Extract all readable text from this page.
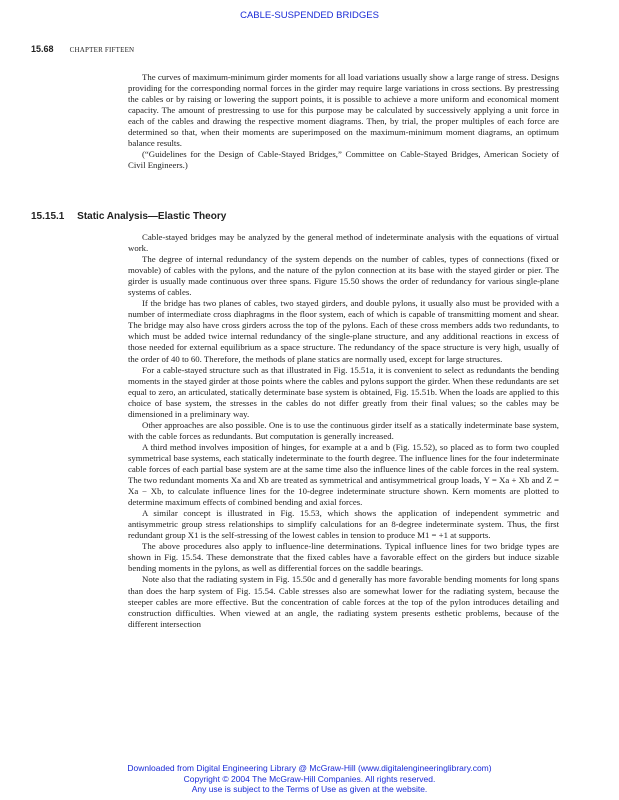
CABLE-SUSPENDED BRIDGES
15.68 CHAPTER FIFTEEN

The curves of maximum-minimum girder moments for all load variations usually show a large range of stress. Designs providing for the corresponding normal forces in the girder may require large variations in cross sections. By prestressing the cables or by raising or lowering the support points, it is possible to achieve a more uniform and economical moment capacity. The amount of prestressing to use for this purpose may be calculated by successively applying a unit force in each of the cables and drawing the respective moment diagrams. Then, by trial, the proper multiples of each force are determined so that, when their moments are superimposed on the maximum-minimum moment diagrams, an optimum balance results.

(“Guidelines for the Design of Cable-Stayed Bridges,” Committee on Cable-Stayed Bridges, American Society of Civil Engineers.)

15.15.1 Static Analysis—Elastic Theory

Cable-stayed bridges may be analyzed by the general method of indeterminate analysis with the equations of virtual work.

The degree of internal redundancy of the system depends on the number of cables, types of connections (fixed or movable) of cables with the pylons, and the nature of the pylon connection at its base with the stayed girder or pier. The girder is usually made continuous over three spans. Figure 15.50 shows the order of redundancy for various single-plane systems of cables.

If the bridge has two planes of cables, two stayed girders, and double pylons, it usually also must be provided with a number of intermediate cross diaphragms in the floor system, each of which is capable of transmitting moment and shear. The bridge may also have cross girders across the top of the pylons. Each of these cross members adds two redundants, to which must be added twice internal redundancy of the single-plane structure, and any additional reactions in excess of those needed for external equilibrium as a space structure. The redundancy of the space structure is very high, usually of the order of 40 to 60. Therefore, the methods of plane statics are normally used, except for large structures.

For a cable-stayed structure such as that illustrated in Fig. 15.51a, it is convenient to select as redundants the bending moments in the stayed girder at those points where the cables and pylons support the girder. When these redundants are set equal to zero, an articulated, statically determinate base system is obtained, Fig. 15.51b. When the loads are applied to this choice of base system, the stresses in the cables do not differ greatly from their final values; so the cables may be dimensioned in a preliminary way.

Other approaches are also possible. One is to use the continuous girder itself as a statically indeterminate base system, with the cable forces as redundants. But computation is generally increased.

A third method involves imposition of hinges, for example at a and b (Fig. 15.52), so placed as to form two coupled symmetrical base systems, each statically indeterminate to the fourth degree. The influence lines for the four indeterminate cable forces of each partial base system are at the same time also the influence lines of the cable forces in the real system. The two redundant moments Xa and Xb are treated as symmetrical and antisymmetrical group loads, Y = Xa + Xb and Z = Xa − Xb, to calculate influence lines for the 10-degree indeterminate structure shown. Kern moments are plotted to determine maximum effects of combined bending and axial forces.

A similar concept is illustrated in Fig. 15.53, which shows the application of independent symmetric and antisymmetric group stress relationships to simplify calculations for an 8-degree indeterminate system. Thus, the first redundant group X1 is the self-stressing of the lowest cables in tension to produce M1 = +1 at supports.

The above procedures also apply to influence-line determinations. Typical influence lines for two bridge types are shown in Fig. 15.54. These demonstrate that the fixed cables have a favorable effect on the girders but induce sizable bending moments in the pylons, as well as differential forces on the saddle bearings.

Note also that the radiating system in Fig. 15.50c and d generally has more favorable bending moments for long spans than does the harp system of Fig. 15.54. Cable stresses also are somewhat lower for the radiating system, because the steeper cables are more effective. But the concentration of cable forces at the top of the pylon introduces detailing and construction difficulties. When viewed at an angle, the radiating system presents esthetic problems, because of the different intersection

Downloaded from Digital Engineering Library @ McGraw-Hill (www.digitalengineeringlibrary.com)
Copyright © 2004 The McGraw-Hill Companies. All rights reserved.
Any use is subject to the Terms of Use as given at the website.
